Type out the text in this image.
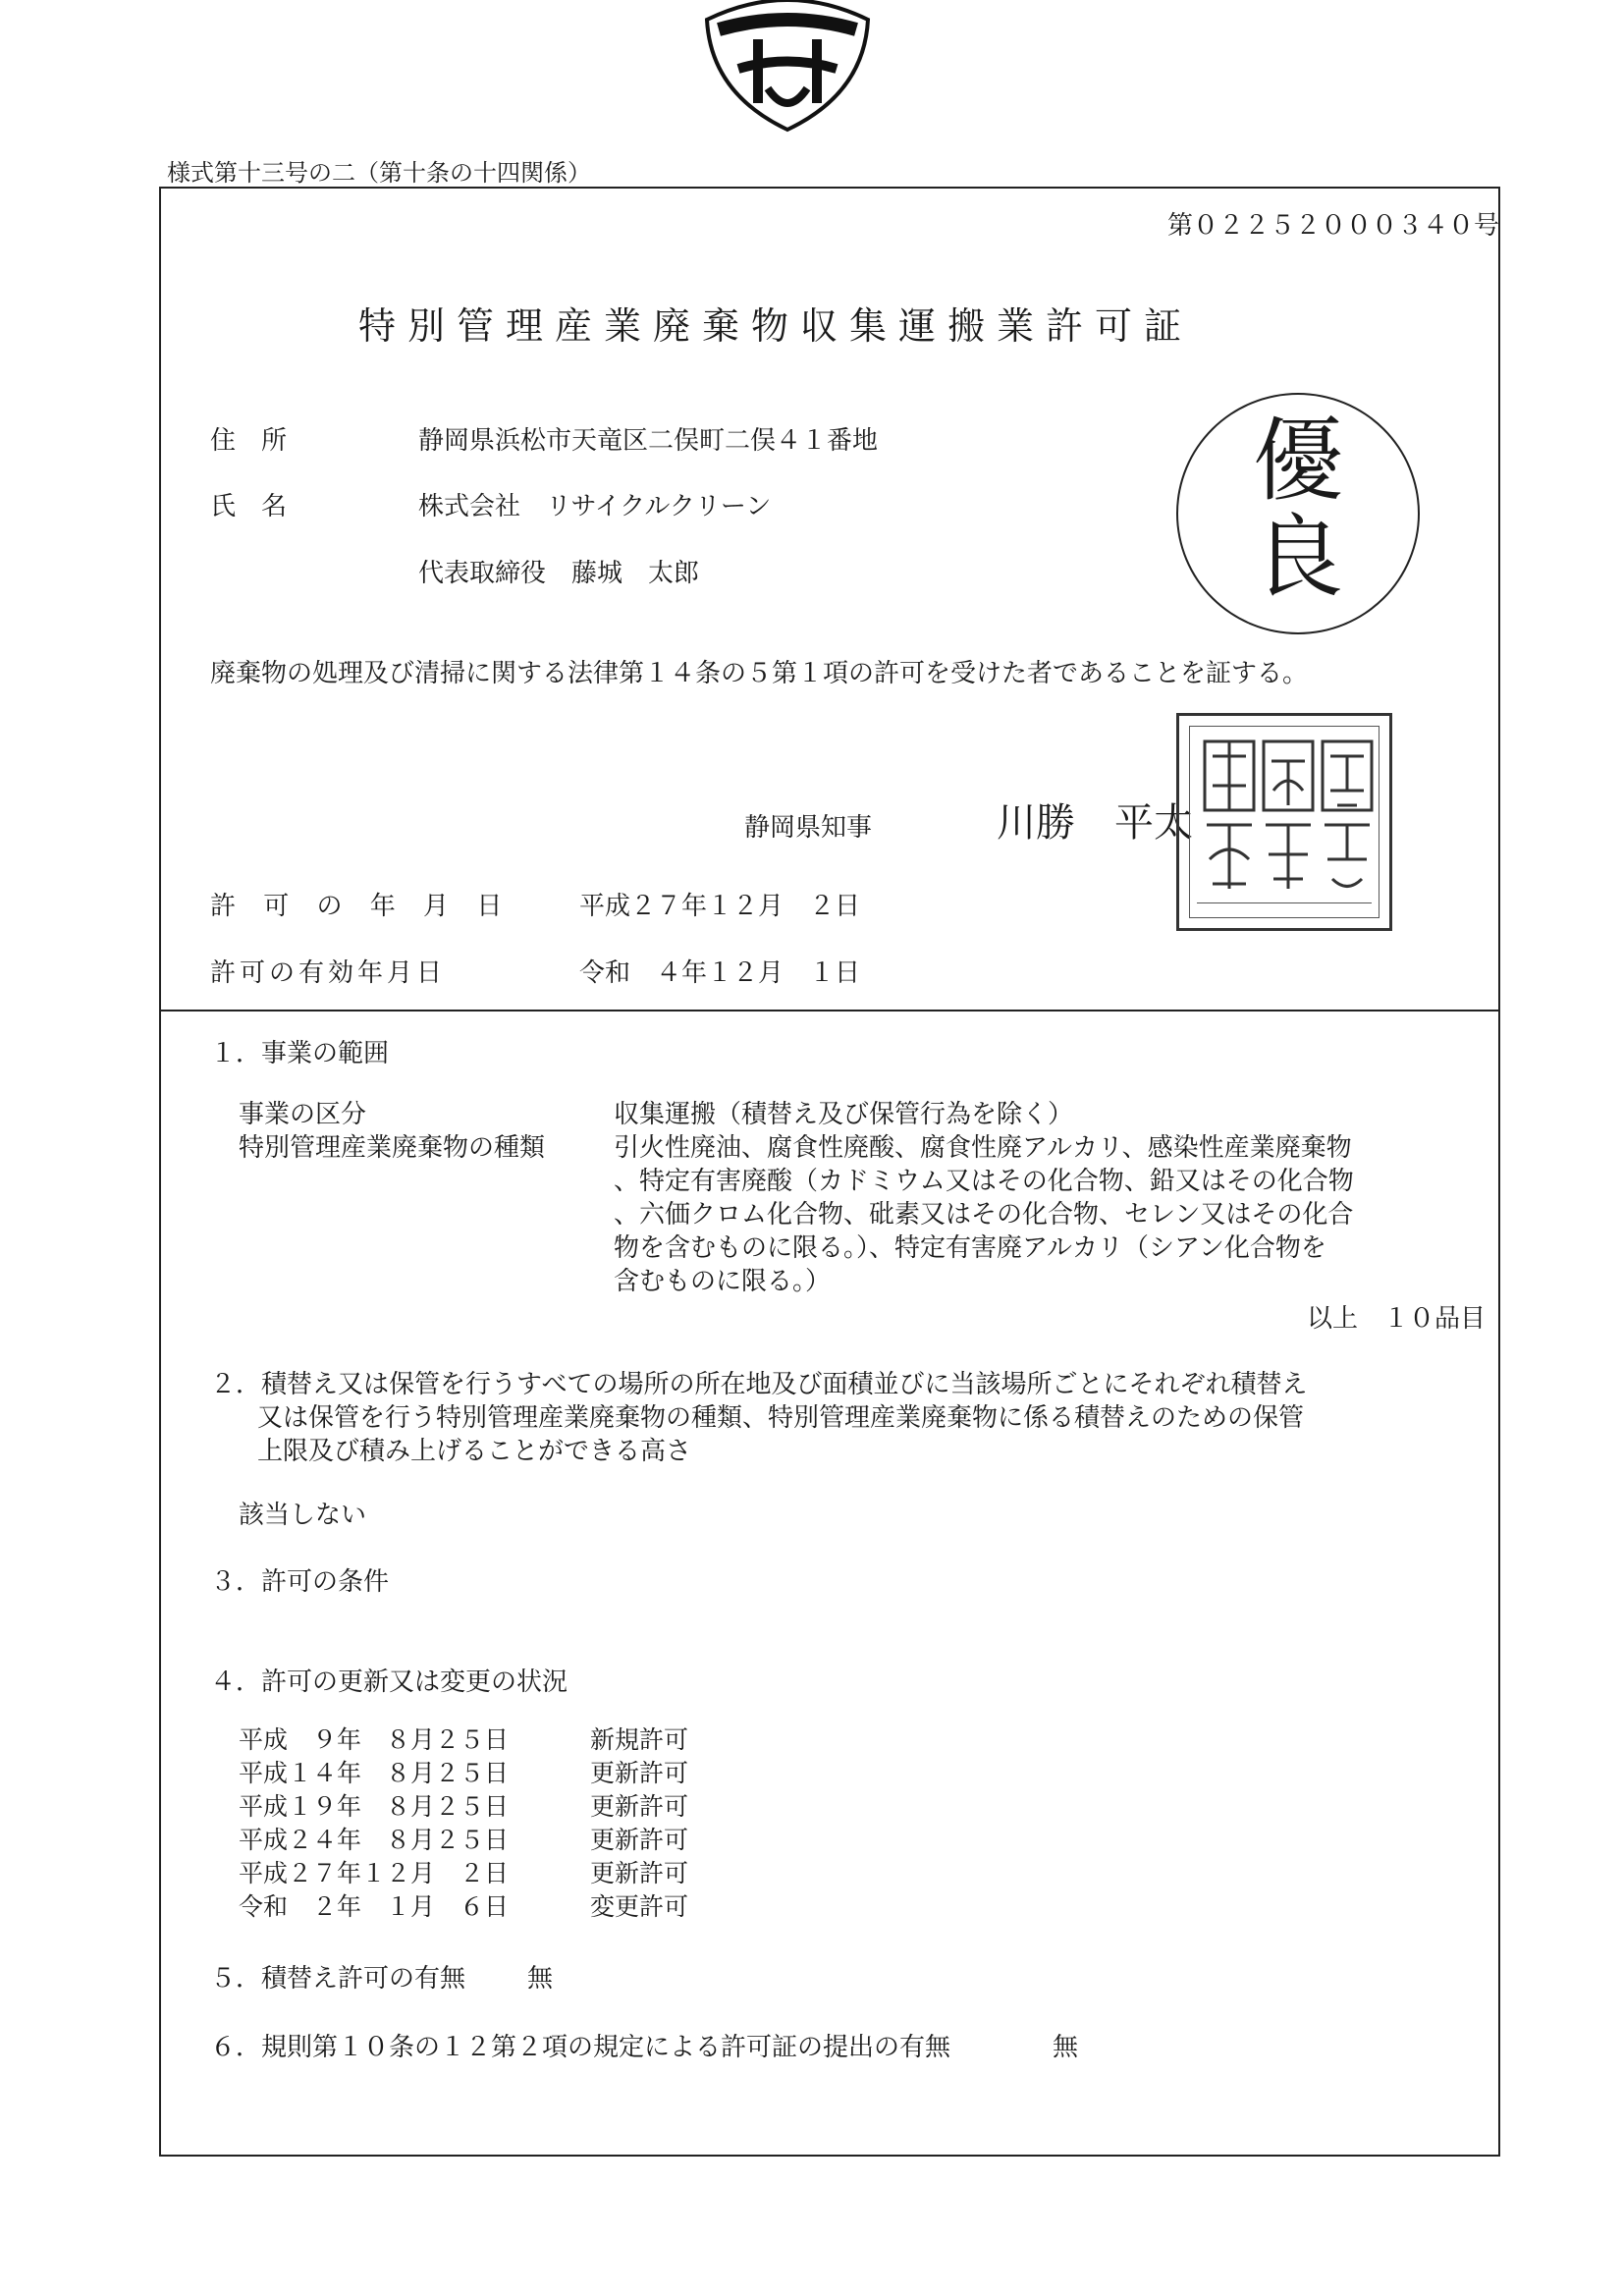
様式第十三号の二（第十条の十四関係）
第０２２５２０００３４０号
特別管理産業廃棄物収集運搬業許可証
住　所	静岡県浜松市天竜区二俣町二俣４１番地
氏　名	株式会社　リサイクルクリーン
代表取締役　藤城　太郎
優
良
廃棄物の処理及び清掃に関する法律第１４条の５第１項の許可を受けた者であることを証する。
静岡県知事	川勝　平太
許 可 の 年 月 日	平成２７年１２月　２日
許可の有効年月日	令和　４年１２月　１日
１．事業の範囲
事業の区分	収集運搬（積替え及び保管行為を除く）
特別管理産業廃棄物の種類	引火性廃油、腐食性廃酸、腐食性廃アルカリ、感染性産業廃棄物
、特定有害廃酸（カドミウム又はその化合物、鉛又はその化合物
、六価クロム化合物、砒素又はその化合物、セレン又はその化合
物を含むものに限る。）、特定有害廃アルカリ（シアン化合物を
含むものに限る。）
以上　１０品目
２．積替え又は保管を行うすべての場所の所在地及び面積並びに当該場所ごとにそれぞれ積替え
又は保管を行う特別管理産業廃棄物の種類、特別管理産業廃棄物に係る積替えのための保管
上限及び積み上げることができる高さ
該当しない
３．許可の条件
４．許可の更新又は変更の状況
平成　９年　８月２５日	新規許可
平成１４年　８月２５日	更新許可
平成１９年　８月２５日	更新許可
平成２４年　８月２５日	更新許可
平成２７年１２月　２日	更新許可
令和　２年　１月　６日	変更許可
５．積替え許可の有無 無
６．規則第１０条の１２第２項の規定による許可証の提出の有無	無
